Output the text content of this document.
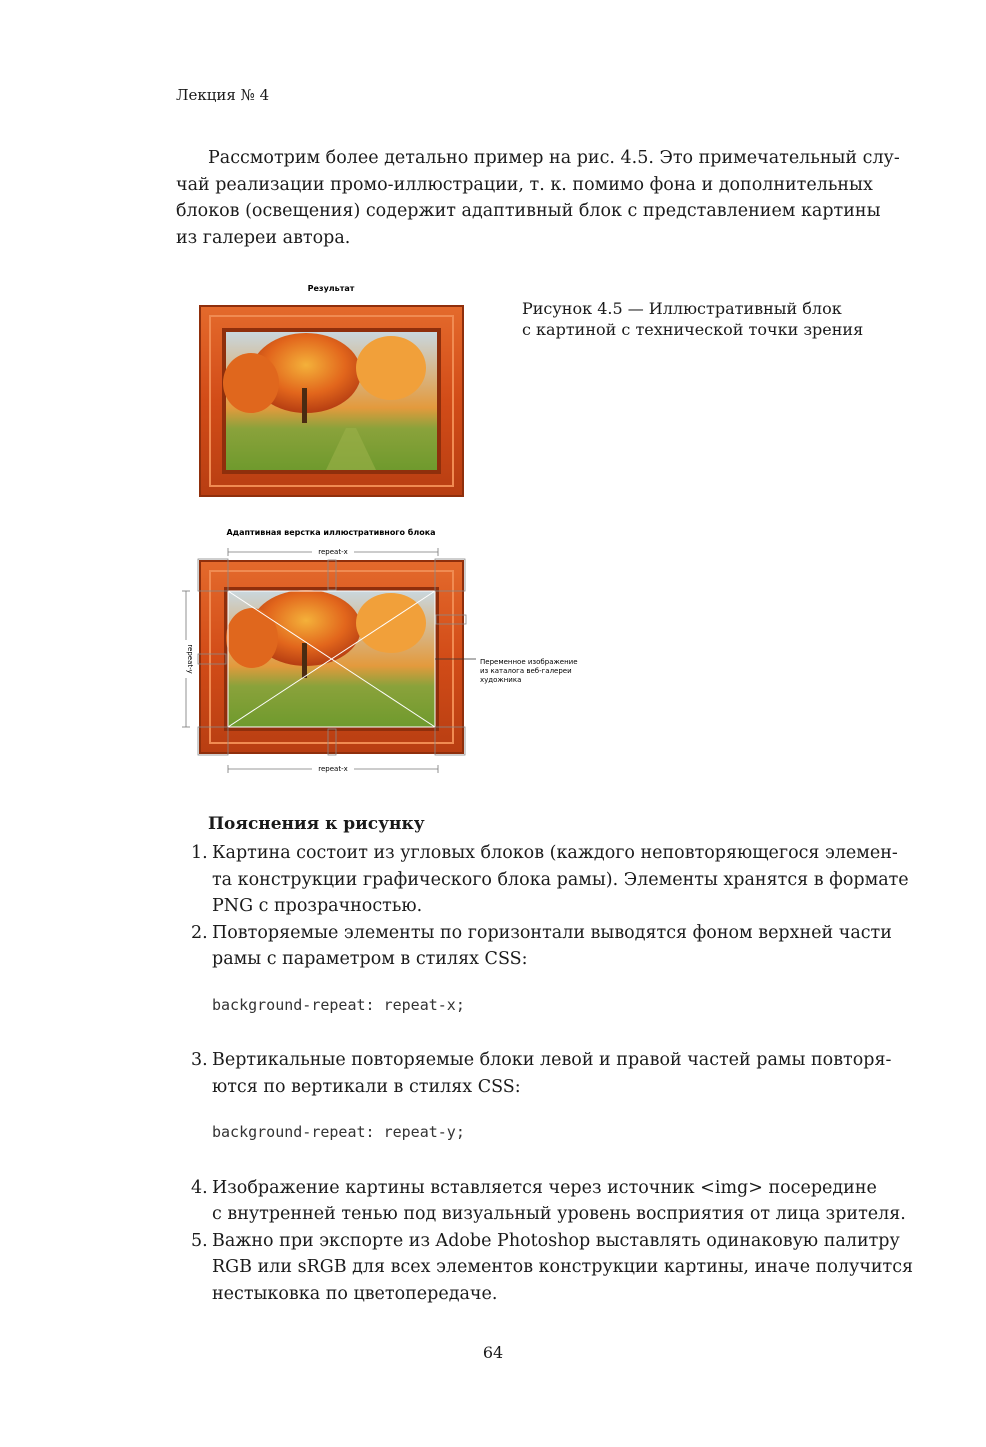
Лекция № 4
Рассмотрим более детально пример на рис. 4.5. Это примечательный слу-
чай реализации промо-иллюстрации, т. к. помимо фона и дополнительных
блоков (освещения) содержит адаптивный блок с представлением картины
из галереи автора.
Результат
Адаптивная верстка иллюстративного блока
repeat-x
repeat-y
repeat-x
Переменное изображение
из каталога веб-галереи
художника
Рисунок 4.5 — Иллюстративный блок
с картиной с технической точки зрения
Пояснения к рисунку
1. Картина состоит из угловых блоков (каждого неповторяющегося элемен-
та конструкции графического блока рамы). Элементы хранятся в формате
PNG с прозрачностью.
2. Повторяемые элементы по горизонтали выводятся фоном верхней части
рамы с параметром в стилях CSS:
background-repeat: repeat-x;
3. Вертикальные повторяемые блоки левой и правой частей рамы повторя-
ются по вертикали в стилях CSS:
background-repeat: repeat-y;
4. Изображение картины вставляется через источник <img> посередине
с внутренней тенью под визуальный уровень восприятия от лица зрителя.
5. Важно при экспорте из Adobe Photoshop выставлять одинаковую палитру
RGB или sRGB для всех элементов конструкции картины, иначе получится
нестыковка по цветопередаче.
64
